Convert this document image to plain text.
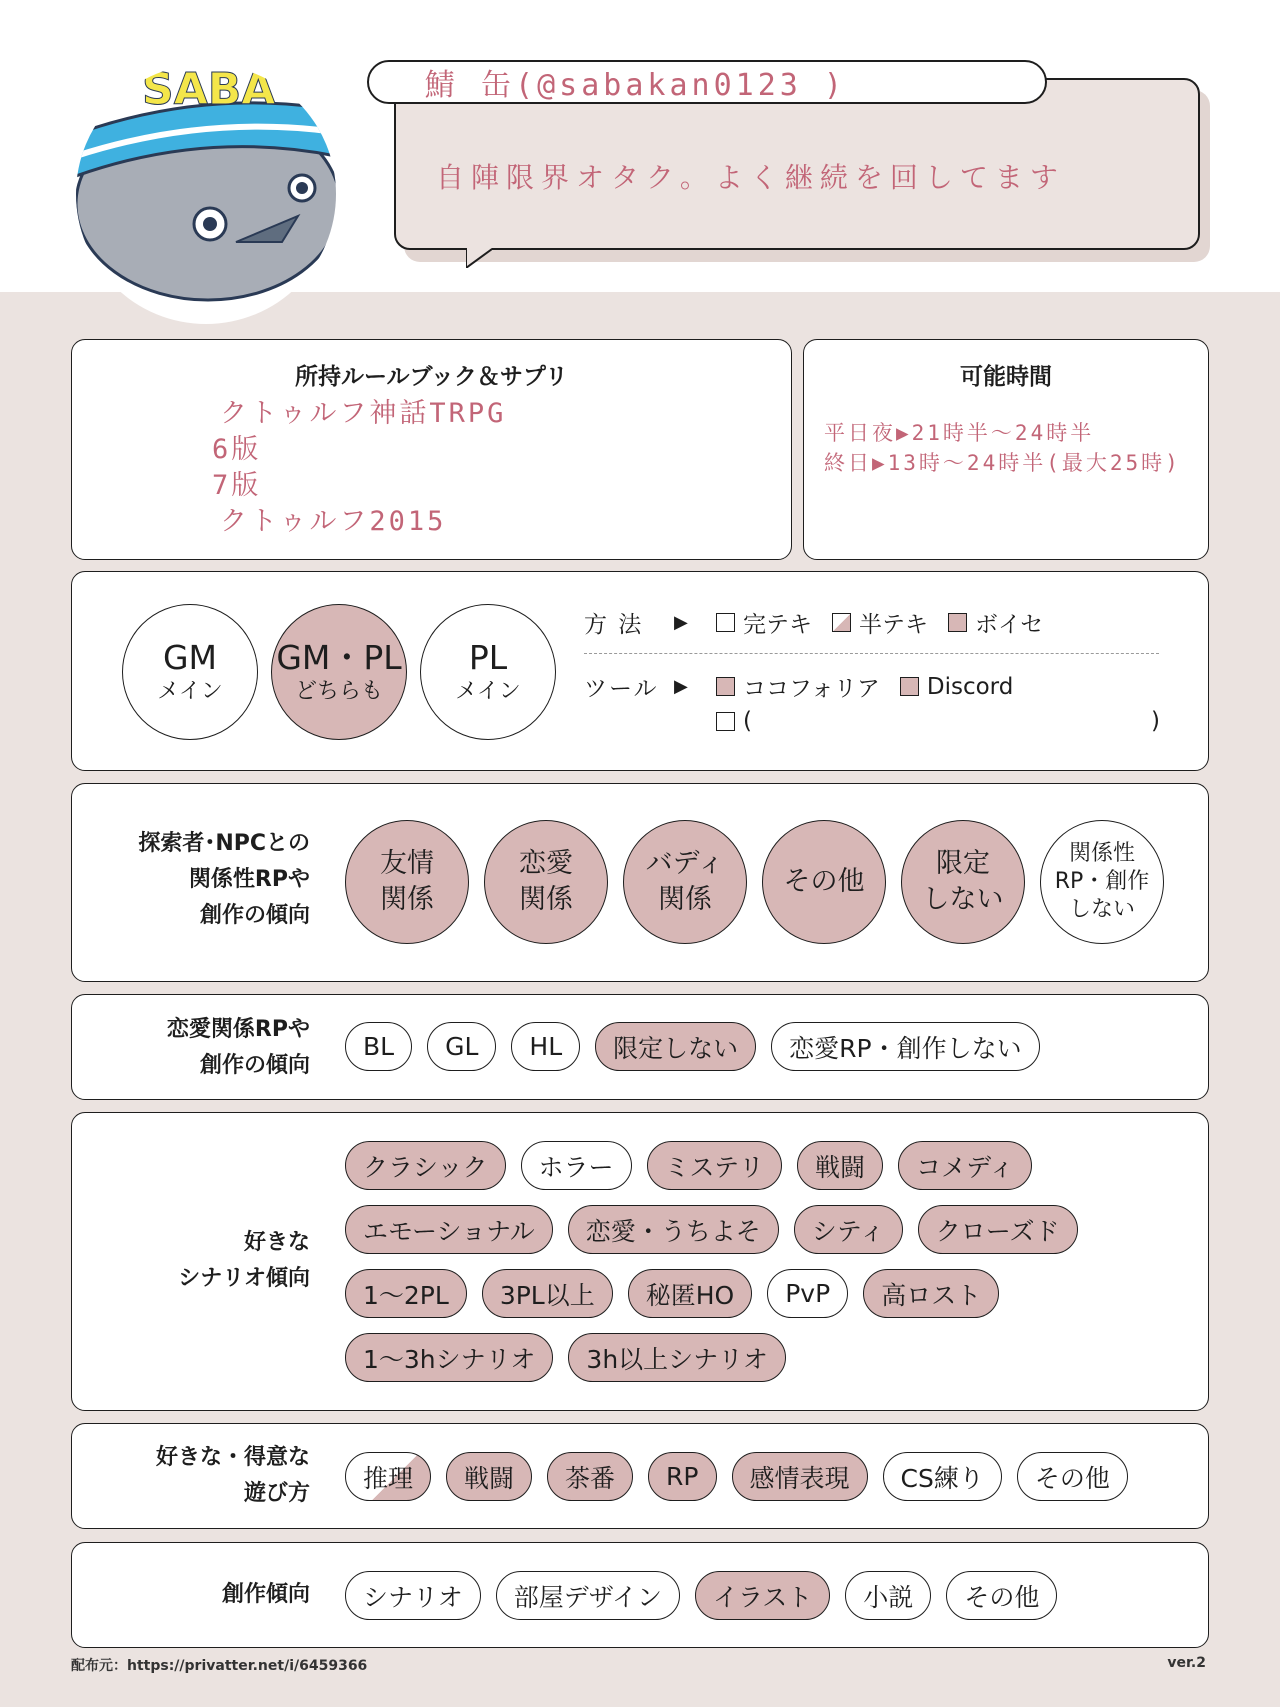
SABA
自陣限界オタク。よく継続を回してます
鯖 缶(@sabakan0123 )
所持ルールブック＆サプリ
クトゥルフ神話TRPG
6版
7版
クトゥルフ2015
可能時間
平日夜▶21時半～24時半
終日▶13時～24時半(最大25時)
GM
メイン
GM・PL
どちらも
PL
メイン
方 法	▶	完テキ 半テキ ボイセ
ツール ▶	ココフォリア Discord
(	)
探索者･NPCとの
関係性RPや
創作の傾向
友情
関係
恋愛
関係
バディ
関係
その他
限定
しない
関係性
RP・創作
しない
恋愛関係RPや
創作の傾向
BL	GL	HL	限定しない	恋愛RP・創作しない
好きな
シナリオ傾向
クラシック	ホラー	ミステリ	戦闘	コメディ
エモーショナル	恋愛・うちよそ	シティ	クローズド
1～2PL	3PL以上	秘匿HO	PvP	高ロスト
1～3hシナリオ	3h以上シナリオ
好きな・得意な
遊び方
推理	戦闘	茶番	RP	感情表現	CS練り	その他
創作傾向	シナリオ	部屋デザイン	イラスト	小説	その他
配布元：https://privatter.net/i/6459366	ver.2
